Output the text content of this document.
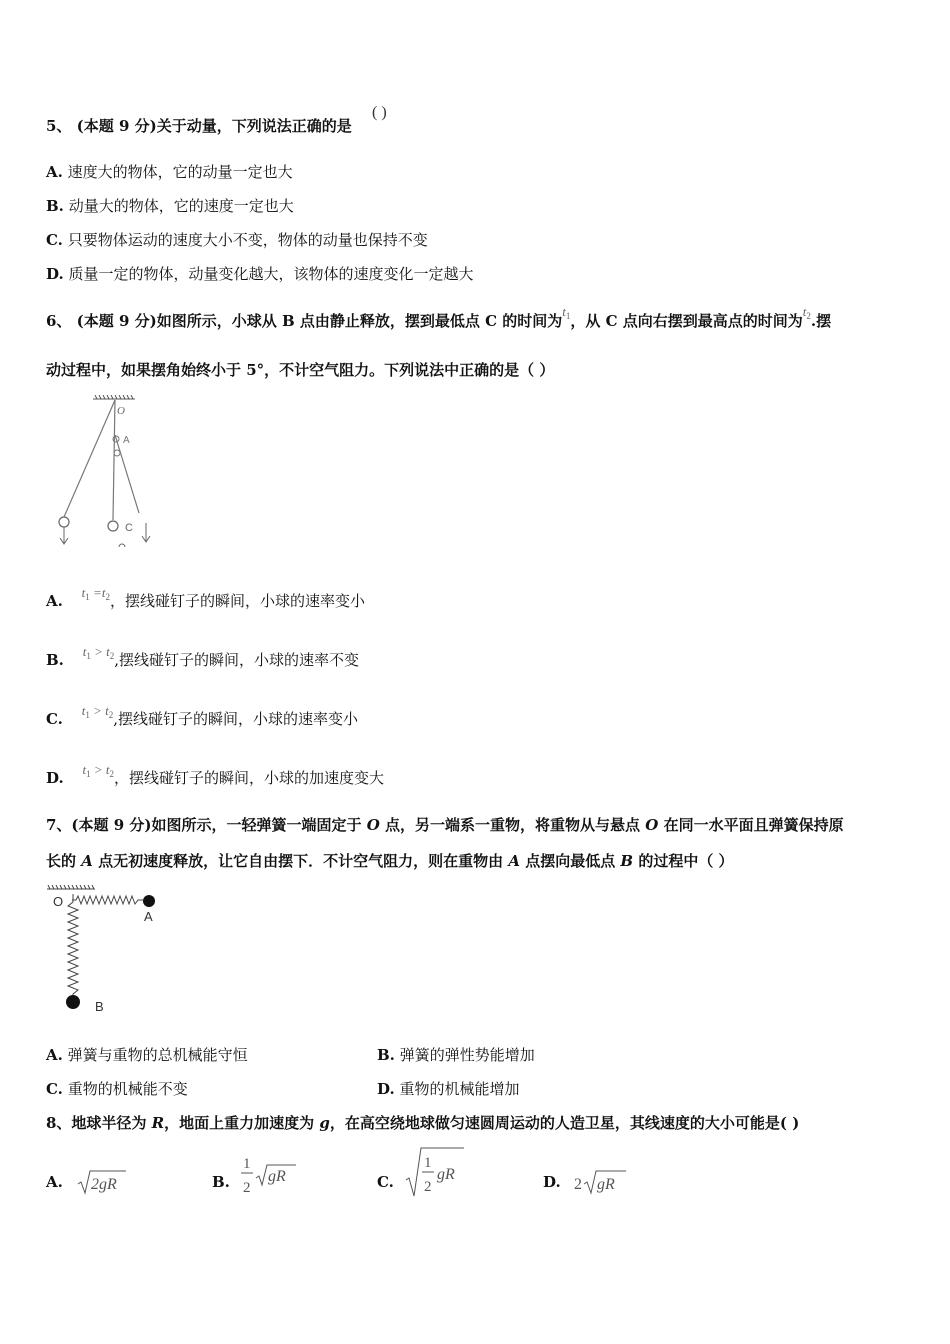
5、 (本题 9 分)关于动量，下列说法正确的是
( )
A. 速度大的物体，它的动量一定也大
B. 动量大的物体，它的速度一定也大
C. 只要物体运动的速度大小不变，物体的动量也保持不变
D. 质量一定的物体，动量变化越大，该物体的速度变化一定越大
6、 (本题 9 分)如图所示，小球从 B 点由静止释放，摆到最低点 C 的时间为$t_1$，从 C 点向右摆到最高点的时间为$t_2$.摆
动过程中，如果摆角始终小于 5°，不计空气阻力。下列说法中正确的是（ ）
O
A
C
A. $t_1 =t_2$，摆线碰钉子的瞬间，小球的速率变小
B. $t_1 > t_2$,摆线碰钉子的瞬间，小球的速率不变
C. $t_1 > t_2$,摆线碰钉子的瞬间，小球的速率变小
D. $t_1 > t_2$，摆线碰钉子的瞬间，小球的加速度变大
7、(本题 9 分)如图所示，一轻弹簧一端固定于 O 点，另一端系一重物，将重物从与悬点 O 在同一水平面且弹簧保持原
长的 A 点无初速度释放，让它自由摆下．不计空气阻力，则在重物由 A 点摆向最低点 B 的过程中（ ）
O
A
B
A. 弹簧与重物的总机械能守恒	B. 弹簧的弹性势能增加
C. 重物的机械能不变	D. 重物的机械能增加
8、地球半径为 R，地面上重力加速度为 g，在高空绕地球做匀速圆周运动的人造卫星，其线速度的大小可能是( )
A. 2gR	B.
1
2
gR	C.
1
2
gR	D. 2 gR
